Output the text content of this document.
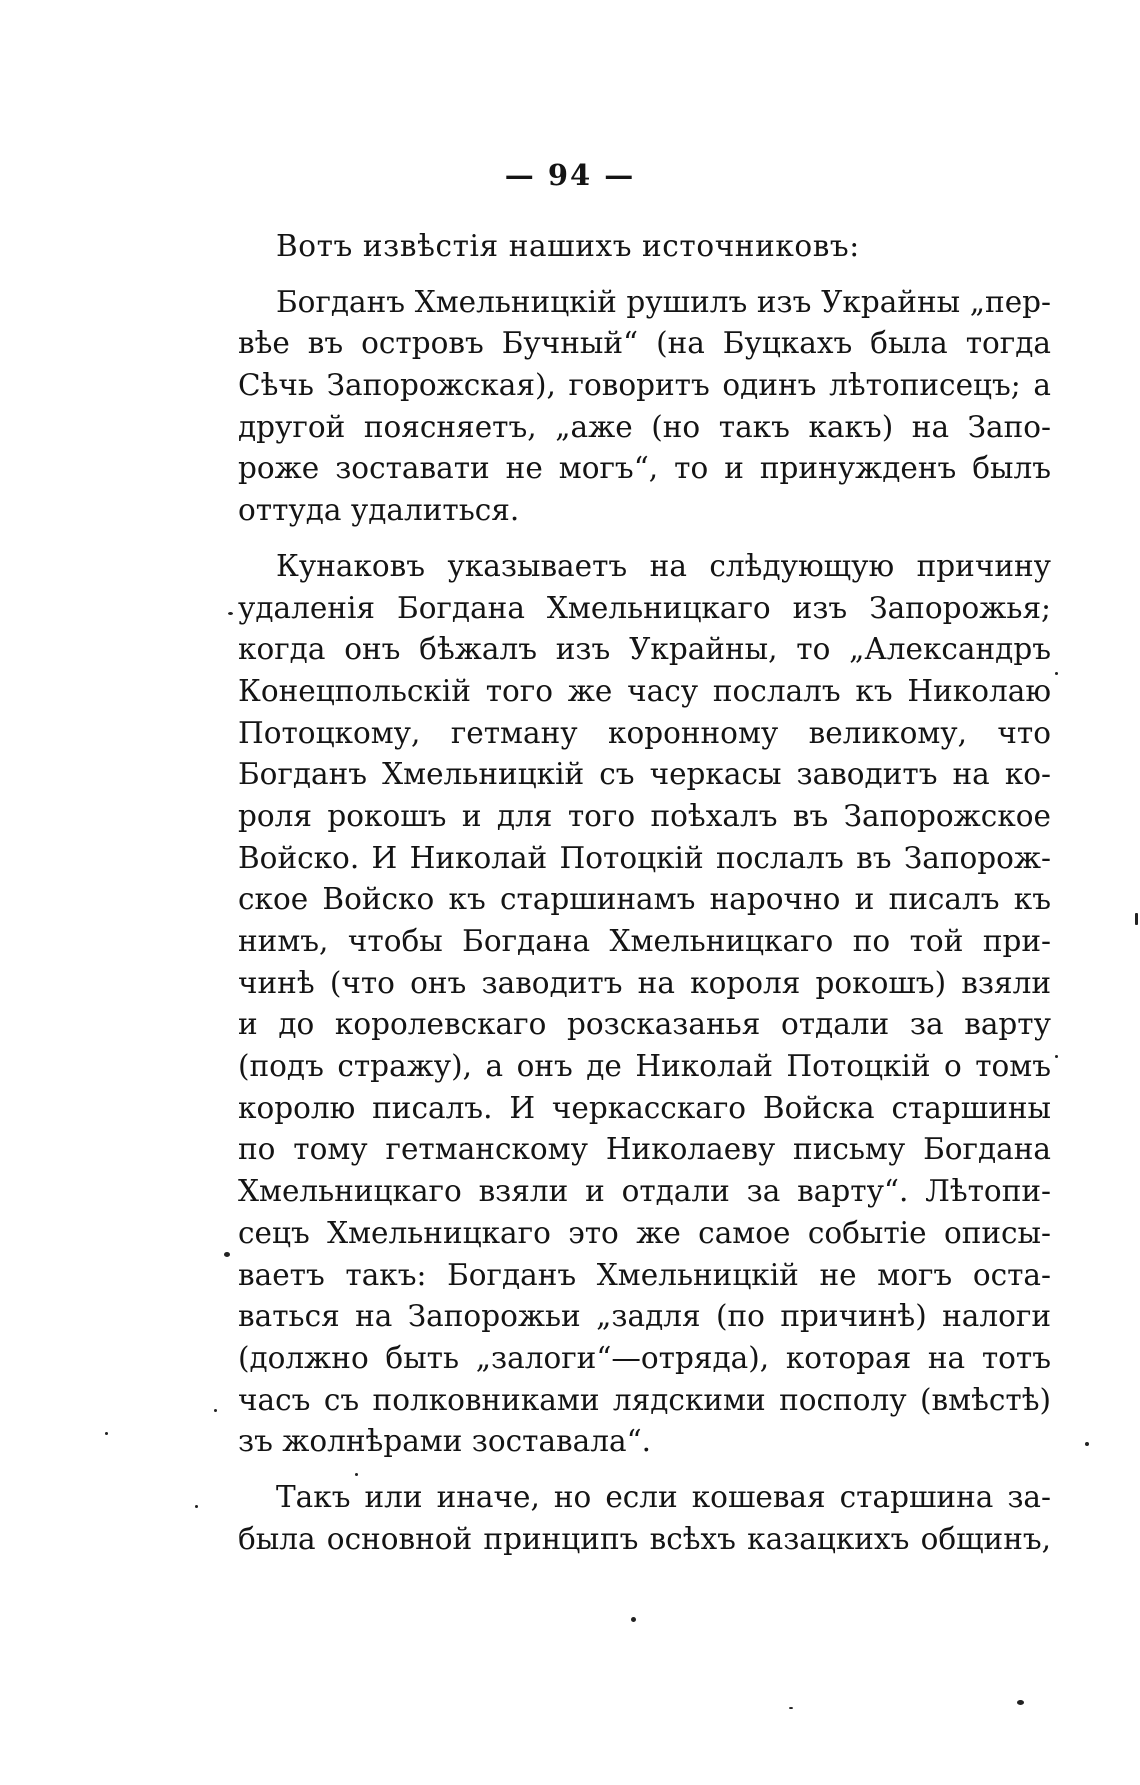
— 94 —
Вотъ извѣстія нашихъ источниковъ:
Богданъ Хмельницкій рушилъ изъ Украйны „пер-
вѣе въ островъ Бучный“ (на Буцкахъ была тогда
Сѣчь Запорожская), говоритъ одинъ лѣтописецъ; а
другой поясняетъ, „аже (но такъ какъ) на Запо-
роже зоставати не могъ“, то и принужденъ былъ
оттуда удалиться.
Кунаковъ указываетъ на слѣдующую причину
удаленія Богдана Хмельницкаго изъ Запорожья;
когда онъ бѣжалъ изъ Украйны, то „Александръ
Конецпольскій того же часу послалъ къ Николаю
Потоцкому, гетману коронному великому, что
Богданъ Хмельницкій съ черкасы заводитъ на ко-
роля рокошъ и для того поѣхалъ въ Запорожское
Войско. И Николай Потоцкій послалъ въ Запорож-
ское Войско къ старшинамъ нарочно и писалъ къ
нимъ, чтобы Богдана Хмельницкаго по той при-
чинѣ (что онъ заводитъ на короля рокошъ) взяли
и до королевскаго розсказанья отдали за варту
(подъ стражу), а онъ де Николай Потоцкій о томъ
королю писалъ. И черкасскаго Войска старшины
по тому гетманскому Николаеву письму Богдана
Хмельницкаго взяли и отдали за варту“. Лѣтопи-
сецъ Хмельницкаго это же самое событіе описы-
ваетъ такъ: Богданъ Хмельницкій не могъ оста-
ваться на Запорожьи „задля (по причинѣ) налоги
(должно быть „залоги“—отряда), которая на тотъ
часъ съ полковниками лядскими посполу (вмѣстѣ)
зъ жолнѣрами зоставала“.
Такъ или иначе, но если кошевая старшина за-
была основной принципъ всѣхъ казацкихъ общинъ,
